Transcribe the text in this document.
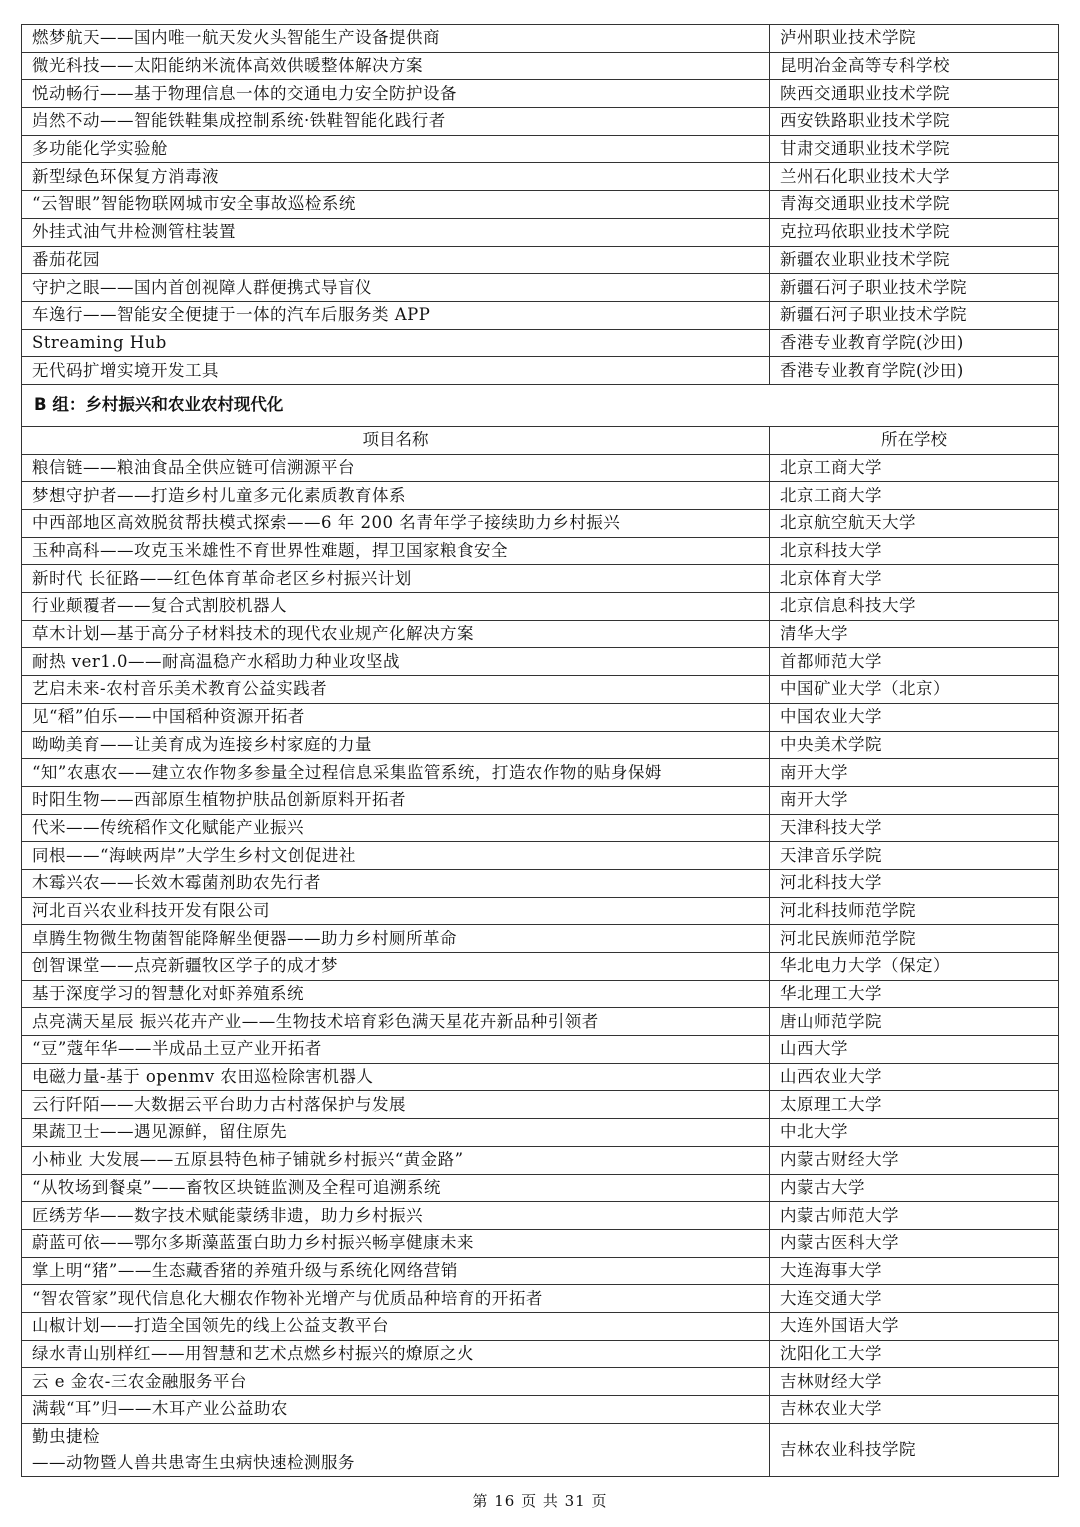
燃梦航天——国内唯一航天发火头智能生产设备提供商	泸州职业技术学院
微光科技——太阳能纳米流体高效供暖整体解决方案	昆明冶金高等专科学校
悦动畅行——基于物理信息一体的交通电力安全防护设备	陕西交通职业技术学院
岿然不动——智能铁鞋集成控制系统·铁鞋智能化践行者	西安铁路职业技术学院
多功能化学实验舱	甘肃交通职业技术学院
新型绿色环保复方消毒液	兰州石化职业技术大学
“云智眼”智能物联网城市安全事故巡检系统	青海交通职业技术学院
外挂式油气井检测管柱装置	克拉玛依职业技术学院
番茄花园	新疆农业职业技术学院
守护之眼——国内首创视障人群便携式导盲仪	新疆石河子职业技术学院
车逸行——智能安全便捷于一体的汽车后服务类 APP	新疆石河子职业技术学院
Streaming Hub	香港专业教育学院(沙田)
无代码扩增实境开发工具	香港专业教育学院(沙田)
B 组：乡村振兴和农业农村现代化	
项目名称	所在学校
粮信链——粮油食品全供应链可信溯源平台	北京工商大学
梦想守护者——打造乡村儿童多元化素质教育体系	北京工商大学
中西部地区高效脱贫帮扶模式探索——6 年 200 名青年学子接续助力乡村振兴	北京航空航天大学
玉种高科——攻克玉米雄性不育世界性难题，捍卫国家粮食安全	北京科技大学
新时代 长征路——红色体育革命老区乡村振兴计划	北京体育大学
行业颠覆者——复合式割胶机器人	北京信息科技大学
草木计划—基于高分子材料技术的现代农业规产化解决方案	清华大学
耐热 ver1.0——耐高温稳产水稻助力种业攻坚战	首都师范大学
艺启未来-农村音乐美术教育公益实践者	中国矿业大学（北京）
见“稻”伯乐——中国稻种资源开拓者	中国农业大学
呦呦美育——让美育成为连接乡村家庭的力量	中央美术学院
“知”农惠农——建立农作物多参量全过程信息采集监管系统，打造农作物的贴身保姆	南开大学
时阳生物——西部原生植物护肤品创新原料开拓者	南开大学
代米——传统稻作文化赋能产业振兴	天津科技大学
同根——“海峡两岸”大学生乡村文创促进社	天津音乐学院
木霉兴农——长效木霉菌剂助农先行者	河北科技大学
河北百兴农业科技开发有限公司	河北科技师范学院
卓腾生物微生物菌智能降解坐便器——助力乡村厕所革命	河北民族师范学院
创智课堂——点亮新疆牧区学子的成才梦	华北电力大学（保定）
基于深度学习的智慧化对虾养殖系统	华北理工大学
点亮满天星辰 振兴花卉产业——生物技术培育彩色满天星花卉新品种引领者	唐山师范学院
“豆”蔻年华——半成品土豆产业开拓者	山西大学
电磁力量-基于 openmv 农田巡检除害机器人	山西农业大学
云行阡陌——大数据云平台助力古村落保护与发展	太原理工大学
果蔬卫士——遇见源鲜，留住原先	中北大学
小柿业 大发展——五原县特色柿子铺就乡村振兴“黄金路”	内蒙古财经大学
“从牧场到餐桌”——畜牧区块链监测及全程可追溯系统	内蒙古大学
匠绣芳华——数字技术赋能蒙绣非遗，助力乡村振兴	内蒙古师范大学
蔚蓝可依——鄂尔多斯藻蓝蛋白助力乡村振兴畅享健康未来	内蒙古医科大学
掌上明“猪”——生态藏香猪的养殖升级与系统化网络营销	大连海事大学
“智农管家”现代信息化大棚农作物补光增产与优质品种培育的开拓者	大连交通大学
山椒计划——打造全国领先的线上公益支教平台	大连外国语大学
绿水青山别样红——用智慧和艺术点燃乡村振兴的燎原之火	沈阳化工大学
云 e 金农-三农金融服务平台	吉林财经大学
满载“耳”归——木耳产业公益助农	吉林农业大学

勤虫捷检
——动物暨人兽共患寄生虫病快速检测服务	吉林农业科技学院
第 16 页 共 31 页
